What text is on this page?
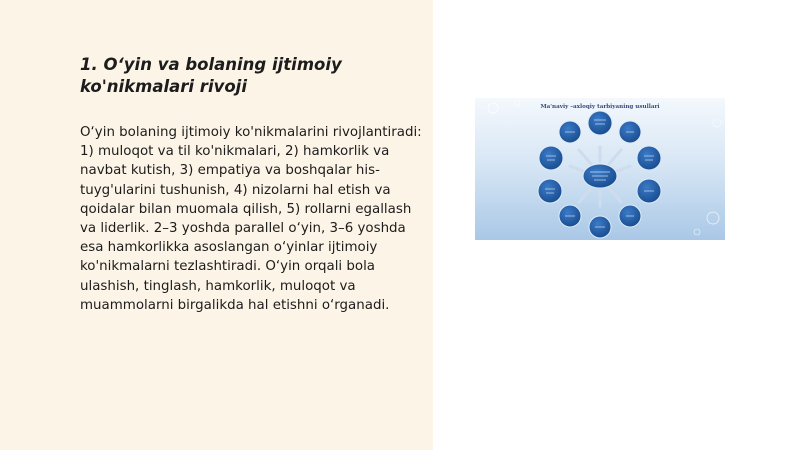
1. O‘yin va bolaning ijtimoiy ko'nikmalari rivoji

O‘yin bolaning ijtimoiy ko'nikmalarini rivojlantiradi: 1) muloqot va til ko'nikmalari, 2) hamkorlik va navbat kutish, 3) empatiya va boshqalar his-tuyg'ularini tushunish, 4) nizolarni hal etish va qoidalar bilan muomala qilish, 5) rollarni egallash va liderlik. 2–3 yoshda parallel o‘yin, 3–6 yoshda esa hamkorlikka asoslangan o‘yinlar ijtimoiy ko'nikmalarni tezlashtiradi. O‘yin orqali bola ulashish, tinglash, hamkorlik, muloqot va muammolarni birgalikda hal etishni o‘rganadi.

Ma'naviy –axloqiy tarbiyaning usullari
